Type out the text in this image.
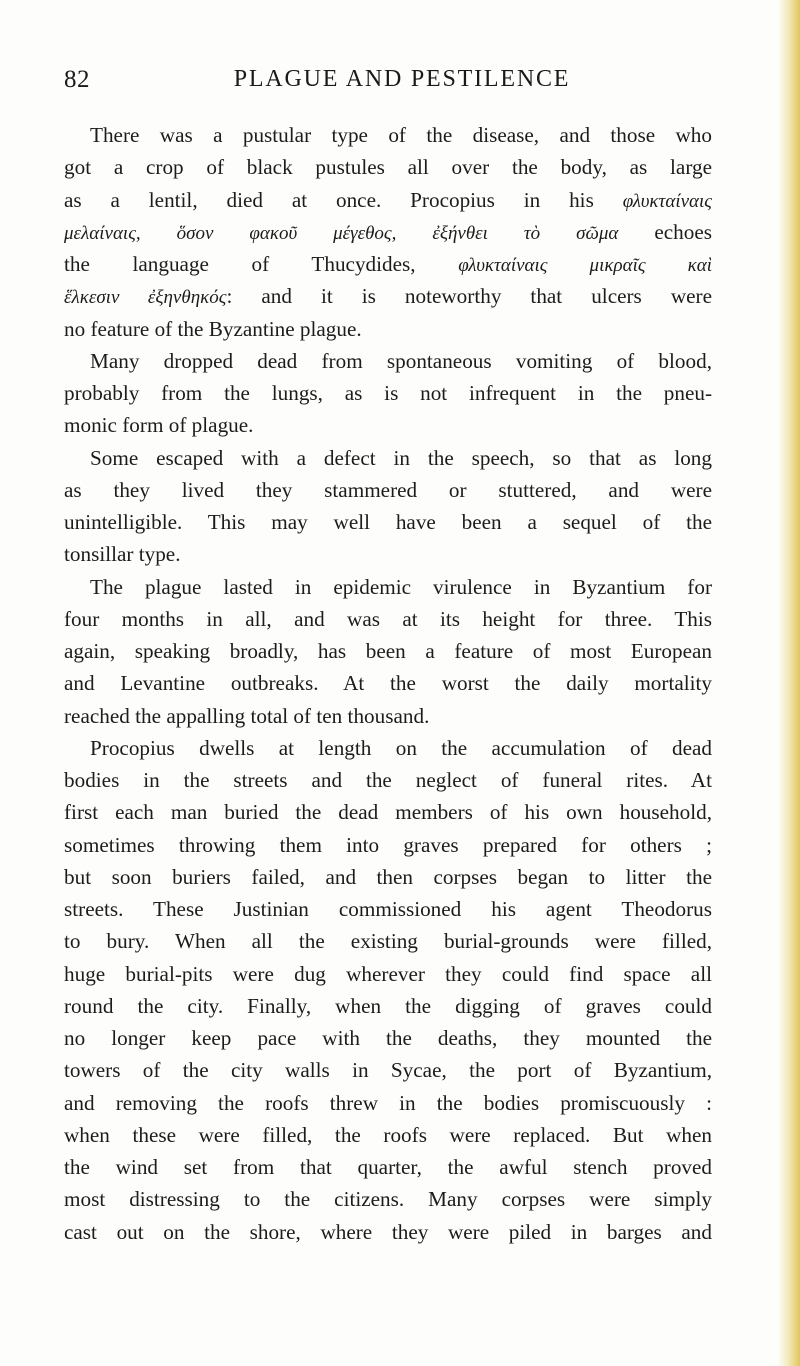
82	PLAGUE AND PESTILENCE
There was a pustular type of the disease, and those who
got a crop of black pustules all over the body, as large
as a lentil, died at once. Procopius in his φλυκταίναις
μελαίναις, ὅσον φακοῦ μέγεθος, ἐξήνθει τὸ σῶμα echoes
the language of Thucydides, φλυκταίναις μικραῖς καὶ
ἕλκεσιν ἐξηνθηκός: and it is noteworthy that ulcers were
no feature of the Byzantine plague.
Many dropped dead from spontaneous vomiting of blood,
probably from the lungs, as is not infrequent in the pneu-
monic form of plague.
Some escaped with a defect in the speech, so that as long
as they lived they stammered or stuttered, and were
unintelligible. This may well have been a sequel of the
tonsillar type.
The plague lasted in epidemic virulence in Byzantium for
four months in all, and was at its height for three. This
again, speaking broadly, has been a feature of most European
and Levantine outbreaks. At the worst the daily mortality
reached the appalling total of ten thousand.
Procopius dwells at length on the accumulation of dead
bodies in the streets and the neglect of funeral rites. At
first each man buried the dead members of his own household,
sometimes throwing them into graves prepared for others ;
but soon buriers failed, and then corpses began to litter the
streets. These Justinian commissioned his agent Theodorus
to bury. When all the existing burial-grounds were filled,
huge burial-pits were dug wherever they could find space all
round the city. Finally, when the digging of graves could
no longer keep pace with the deaths, they mounted the
towers of the city walls in Sycae, the port of Byzantium,
and removing the roofs threw in the bodies promiscuously :
when these were filled, the roofs were replaced. But when
the wind set from that quarter, the awful stench proved
most distressing to the citizens. Many corpses were simply
cast out on the shore, where they were piled in barges and
